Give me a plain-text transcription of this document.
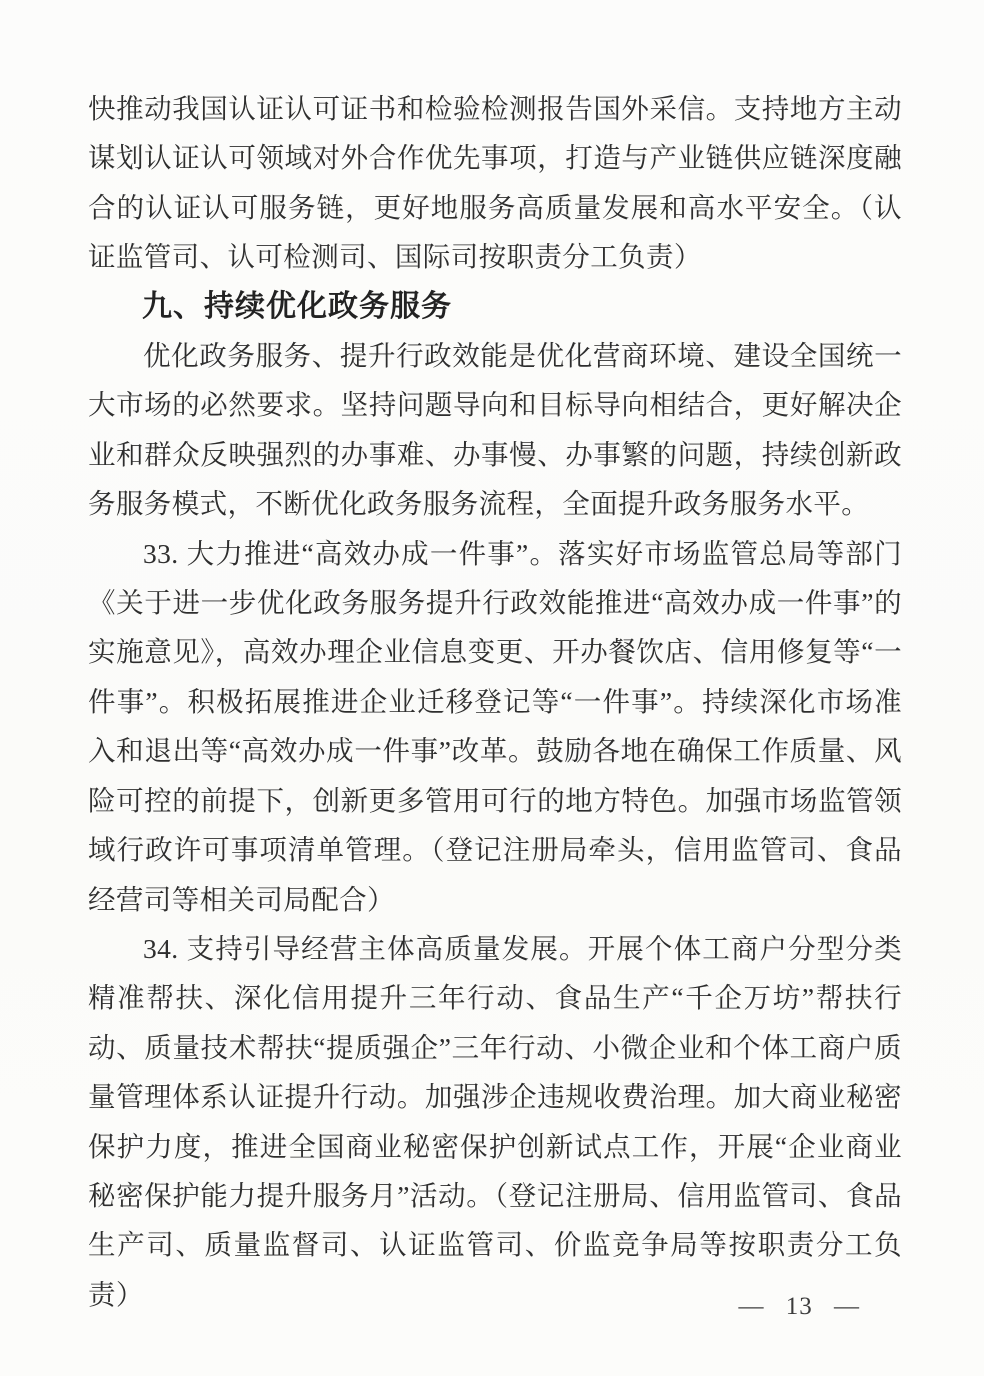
快推动我国认证认可证书和检验检测报告国外采信。支持地方主动谋划认证认可领域对外合作优先事项，打造与产业链供应链深度融合的认证认可服务链，更好地服务高质量发展和高水平安全。（认证监管司、认可检测司、国际司按职责分工负责）

九、持续优化政务服务

优化政务服务、提升行政效能是优化营商环境、建设全国统一大市场的必然要求。坚持问题导向和目标导向相结合，更好解决企业和群众反映强烈的办事难、办事慢、办事繁的问题，持续创新政务服务模式，不断优化政务服务流程，全面提升政务服务水平。

33. 大力推进“高效办成一件事”。落实好市场监管总局等部门《关于进一步优化政务服务提升行政效能推进“高效办成一件事”的实施意见》，高效办理企业信息变更、开办餐饮店、信用修复等“一件事”。积极拓展推进企业迁移登记等“一件事”。持续深化市场准入和退出等“高效办成一件事”改革。鼓励各地在确保工作质量、风险可控的前提下，创新更多管用可行的地方特色。加强市场监管领域行政许可事项清单管理。（登记注册局牵头，信用监管司、食品经营司等相关司局配合）

34. 支持引导经营主体高质量发展。开展个体工商户分型分类精准帮扶、深化信用提升三年行动、食品生产“千企万坊”帮扶行动、质量技术帮扶“提质强企”三年行动、小微企业和个体工商户质量管理体系认证提升行动。加强涉企违规收费治理。加大商业秘密保护力度，推进全国商业秘密保护创新试点工作，开展“企业商业秘密保护能力提升服务月”活动。（登记注册局、信用监管司、食品生产司、质量监督司、认证监管司、价监竞争局等按职责分工负责）	— 13 —
